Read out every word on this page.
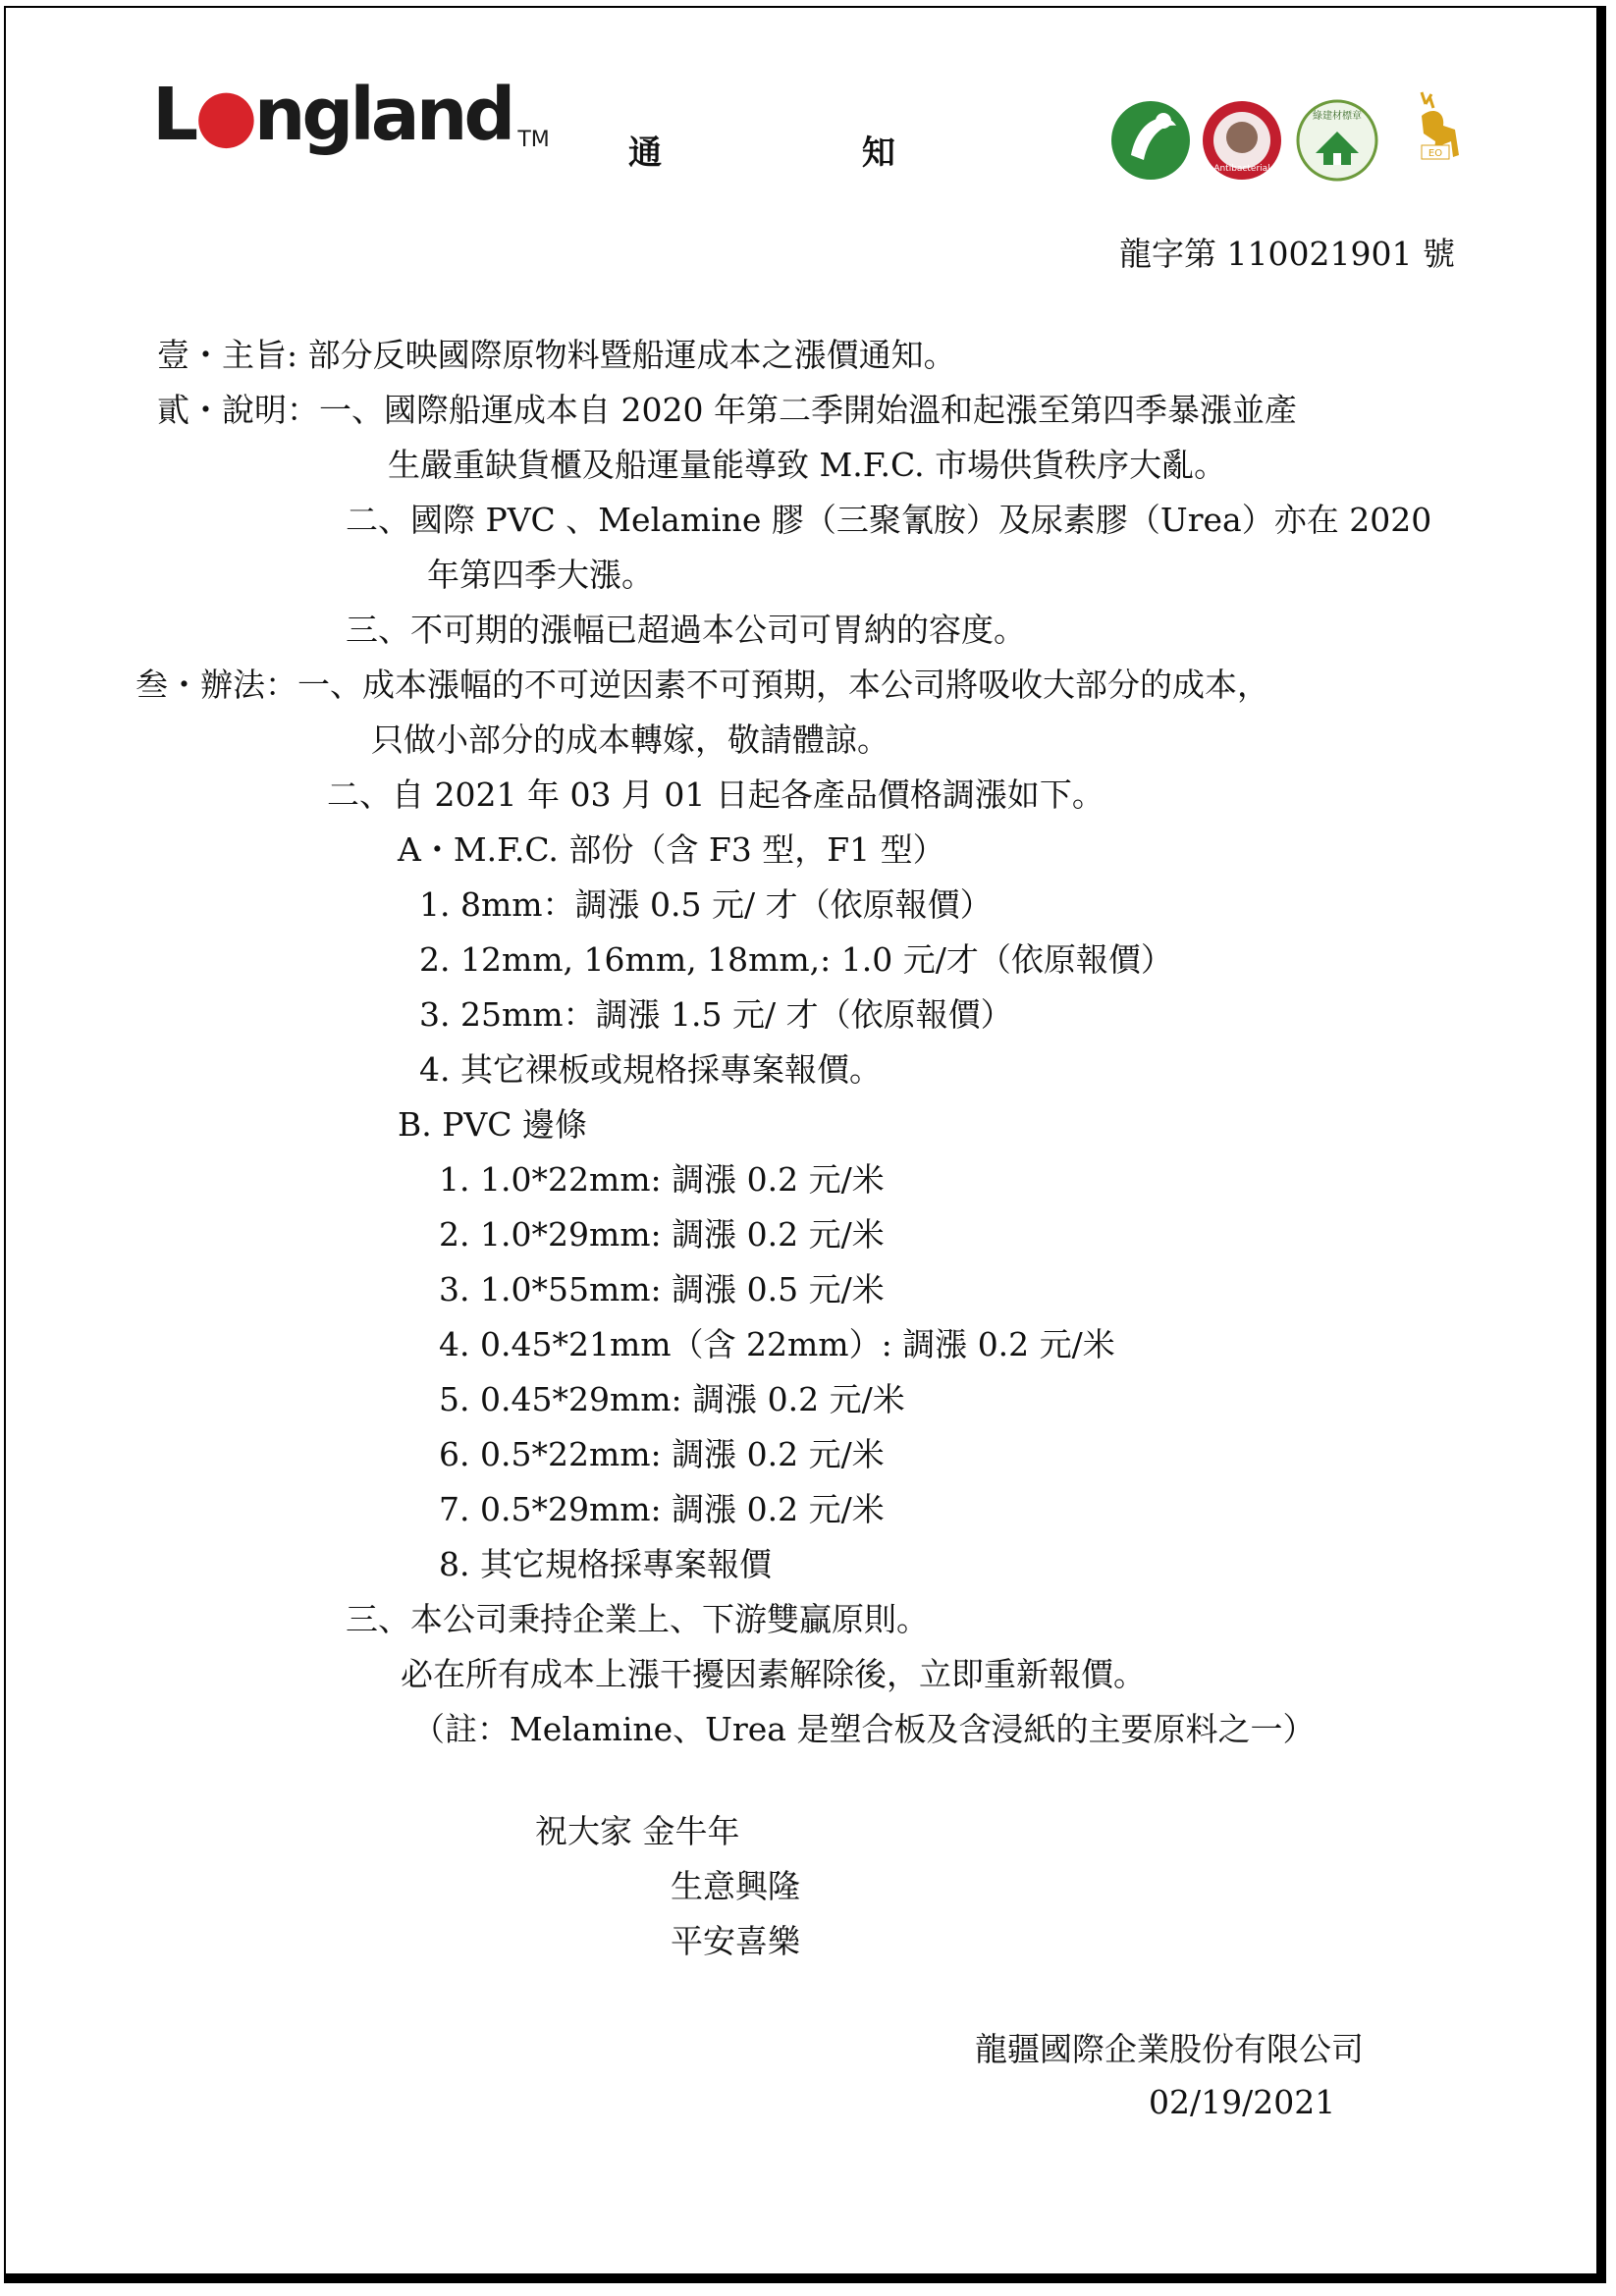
L●ngland TM 通 知	Antibacterial
綠建材標章
EO
龍字第 110021901 號
壹・主旨: 部分反映國際原物料暨船運成本之漲價通知。
貳・說明：一、國際船運成本自 2020 年第二季開始溫和起漲至第四季暴漲並產
生嚴重缺貨櫃及船運量能導致 M.F.C. 市場供貨秩序大亂。
二、國際 PVC 、Melamine 膠（三聚氰胺）及尿素膠（Urea）亦在 2020
年第四季大漲。
三、不可期的漲幅已超過本公司可胃納的容度。
叁・辦法：一、成本漲幅的不可逆因素不可預期，本公司將吸收大部分的成本，
只做小部分的成本轉嫁，敬請體諒。
二、自 2021 年 03 月 01 日起各產品價格調漲如下。
A・M.F.C. 部份（含 F3 型，F1 型）
1. 8mm：調漲 0.5 元/ 才（依原報價）
2. 12mm, 16mm, 18mm,: 1.0 元/才（依原報價）
3. 25mm：調漲 1.5 元/ 才（依原報價）
4. 其它裸板或規格採專案報價。
B. PVC 邊條
1. 1.0*22mm: 調漲 0.2 元/米
2. 1.0*29mm: 調漲 0.2 元/米
3. 1.0*55mm: 調漲 0.5 元/米
4. 0.45*21mm（含 22mm）: 調漲 0.2 元/米
5. 0.45*29mm: 調漲 0.2 元/米
6. 0.5*22mm: 調漲 0.2 元/米
7. 0.5*29mm: 調漲 0.2 元/米
8. 其它規格採專案報價
三、本公司秉持企業上、下游雙贏原則。
必在所有成本上漲干擾因素解除後，立即重新報價。
（註：Melamine、Urea 是塑合板及含浸紙的主要原料之一）
祝大家 金牛年
生意興隆
平安喜樂
龍疆國際企業股份有限公司
02/19/2021
